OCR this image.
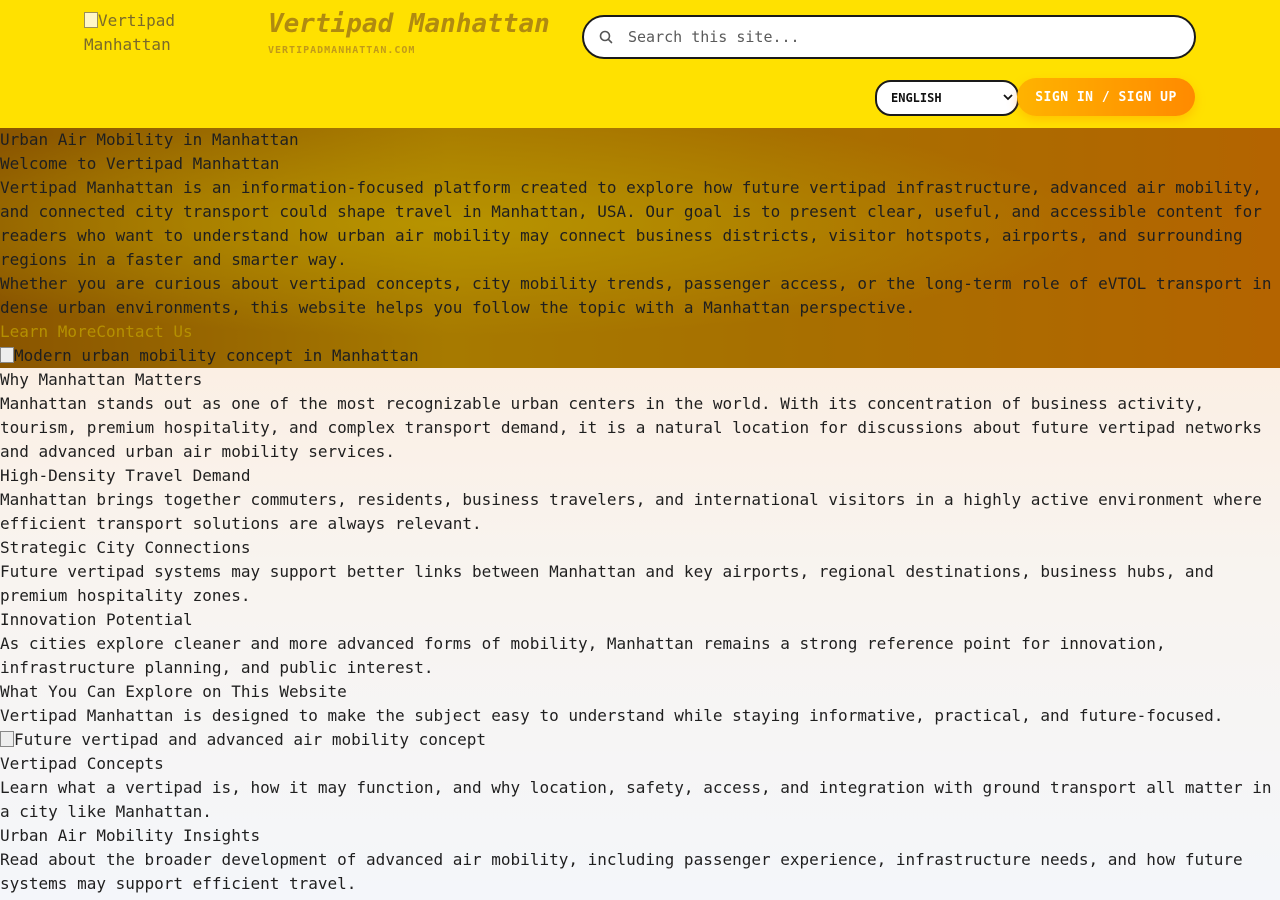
Vertipad Manhattan
Vertipad Manhattan
VERTIPADMANHATTAN.COM
Search this site...
ENGLISH	SIGN IN / SIGN UP

Urban Air Mobility in Manhattan

Welcome to Vertipad Manhattan

Vertipad Manhattan is an information-focused platform created to explore how future vertipad infrastructure, advanced air mobility, and connected city transport could shape travel in Manhattan, USA. Our goal is to present clear, useful, and accessible content for readers who want to understand how urban air mobility may connect business districts, visitor hotspots, airports, and surrounding regions in a faster and smarter way.

Whether you are curious about vertipad concepts, city mobility trends, passenger access, or the long-term role of eVTOL transport in dense urban environments, this website helps you follow the topic with a Manhattan perspective.

Learn MoreContact Us
Modern urban mobility concept in Manhattan
Why Manhattan Matters

Manhattan stands out as one of the most recognizable urban centers in the world. With its concentration of business activity, tourism, premium hospitality, and complex transport demand, it is a natural location for discussions about future vertipad networks and advanced urban air mobility services.

High-Density Travel Demand

Manhattan brings together commuters, residents, business travelers, and international visitors in a highly active environment where efficient transport solutions are always relevant.

Strategic City Connections

Future vertipad systems may support better links between Manhattan and key airports, regional destinations, business hubs, and premium hospitality zones.

Innovation Potential

As cities explore cleaner and more advanced forms of mobility, Manhattan remains a strong reference point for innovation, infrastructure planning, and public interest.

What You Can Explore on This Website

Vertipad Manhattan is designed to make the subject easy to understand while staying informative, practical, and future-focused.

Future vertipad and advanced air mobility concept
Vertipad Concepts

Learn what a vertipad is, how it may function, and why location, safety, access, and integration with ground transport all matter in a city like Manhattan.

Urban Air Mobility Insights

Read about the broader development of advanced air mobility, including passenger experience, infrastructure needs, and how future systems may support efficient travel.
